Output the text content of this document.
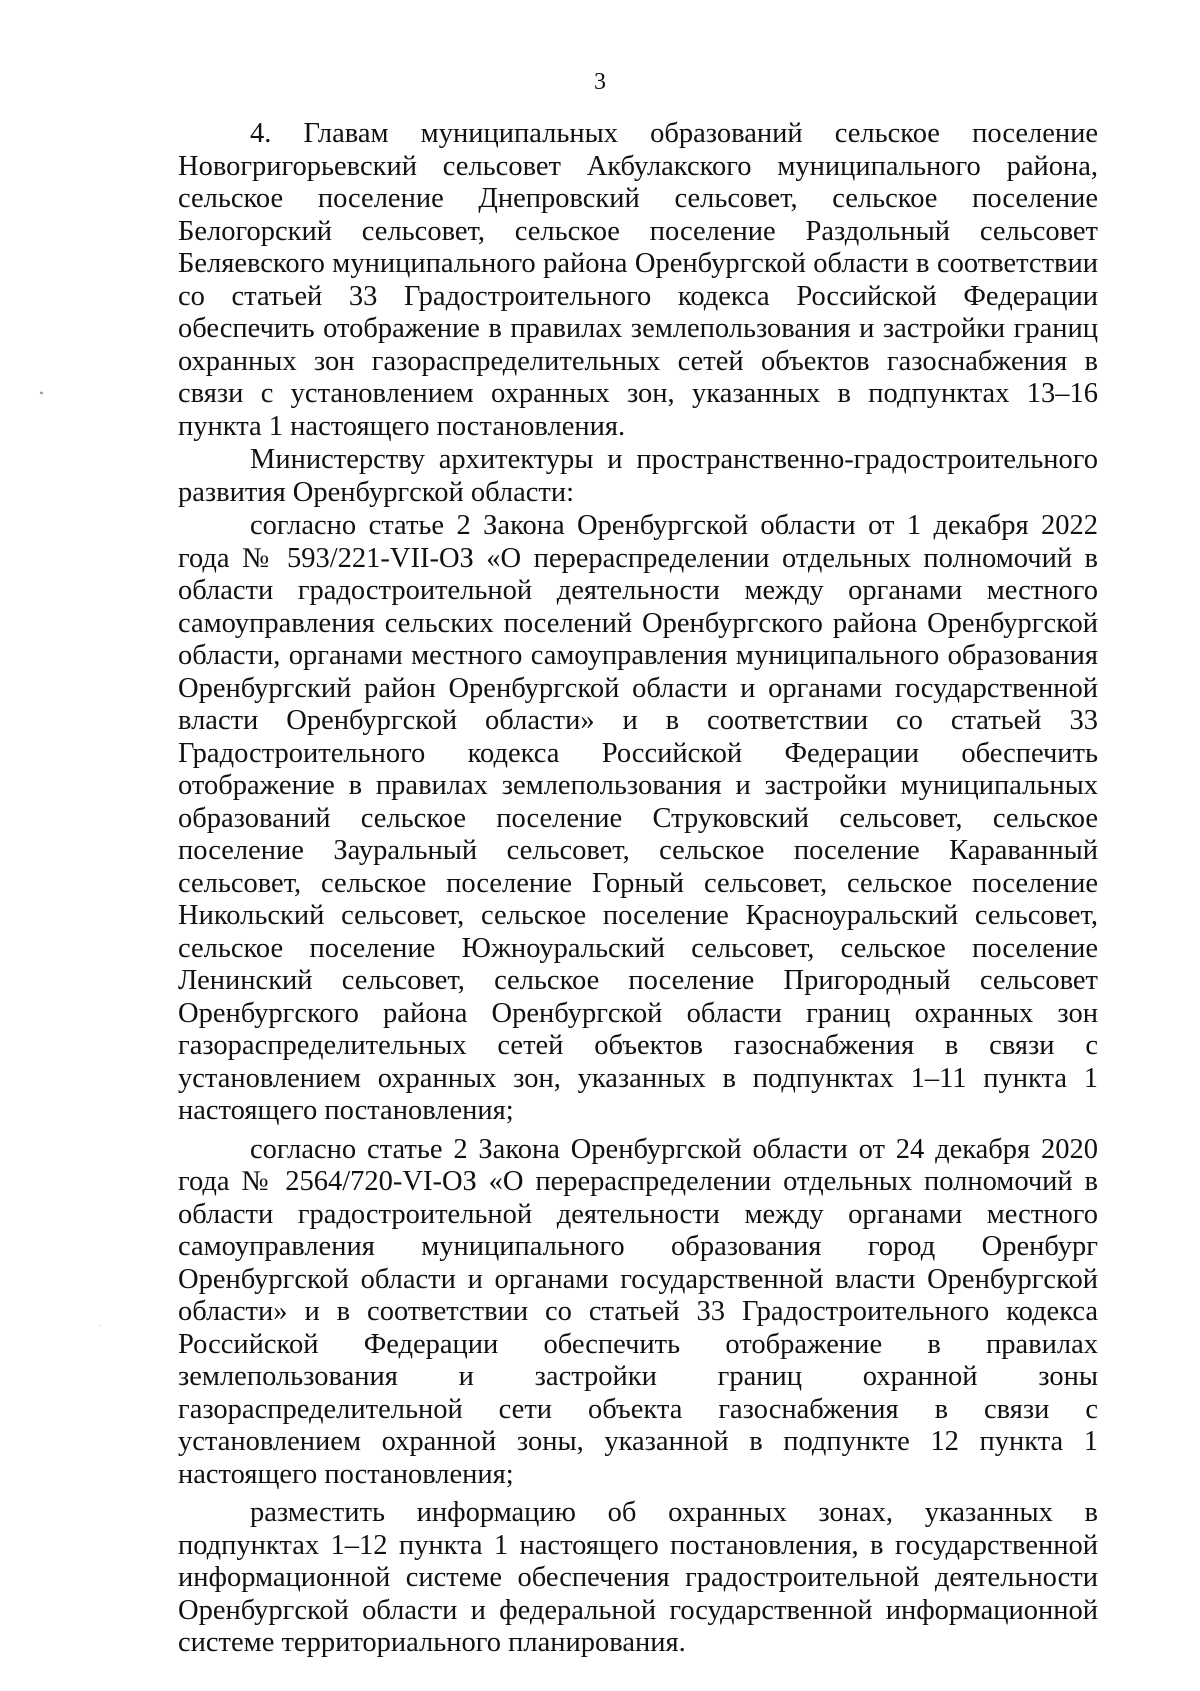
3

4. Главам муниципальных образований сельское поселение Новогригорьевский сельсовет Акбулакского муниципального района, сельское поселение Днепровский сельсовет, сельское поселение Белогорский сельсовет, сельское поселение Раздольный сельсовет Беляевского муниципального района Оренбургской области в соответствии со статьей 33 Градостроительного кодекса Российской Федерации обеспечить отображение в правилах землепользования и застройки границ охранных зон газораспределительных сетей объектов газоснабжения в связи с установлением охранных зон, указанных в подпунктах 13–16 пункта 1 настоящего постановления.

Министерству архитектуры и пространственно-градостроительного развития Оренбургской области:

согласно статье 2 Закона Оренбургской области от 1 декабря 2022 года № 593/221-VII-ОЗ «О перераспределении отдельных полномочий в области градостроительной деятельности между органами местного самоуправления сельских поселений Оренбургского района Оренбургской области, органами местного самоуправления муниципального образования Оренбургский район Оренбургской области и органами государственной власти Оренбургской области» и в соответствии со статьей 33 Градостроительного кодекса Российской Федерации обеспечить отображение в правилах землепользования и застройки муниципальных образований сельское поселение Струковский сельсовет, сельское поселение Зауральный сельсовет, сельское поселение Караванный сельсовет, сельское поселение Горный сельсовет, сельское поселение Никольский сельсовет, сельское поселение Красноуральский сельсовет, сельское поселение Южноуральский сельсовет, сельское поселение Ленинский сельсовет, сельское поселение Пригородный сельсовет Оренбургского района Оренбургской области границ охранных зон газораспределительных сетей объектов газоснабжения в связи с установлением охранных зон, указанных в подпунктах 1–11 пункта 1 настоящего постановления;

согласно статье 2 Закона Оренбургской области от 24 декабря 2020 года № 2564/720-VI-ОЗ «О перераспределении отдельных полномочий в области градостроительной деятельности между органами местного самоуправления муниципального образования город Оренбург Оренбургской области и органами государственной власти Оренбургской области» и в соответствии со статьей 33 Градостроительного кодекса Российской Федерации обеспечить отображение в правилах землепользования и застройки границ охранной зоны газораспределительной сети объекта газоснабжения в связи с установлением охранной зоны, указанной в подпункте 12 пункта 1 настоящего постановления;

разместить информацию об охранных зонах, указанных в подпунктах 1–12 пункта 1 настоящего постановления, в государственной информационной системе обеспечения градостроительной деятельности Оренбургской области и федеральной государственной информационной системе территориального планирования.
